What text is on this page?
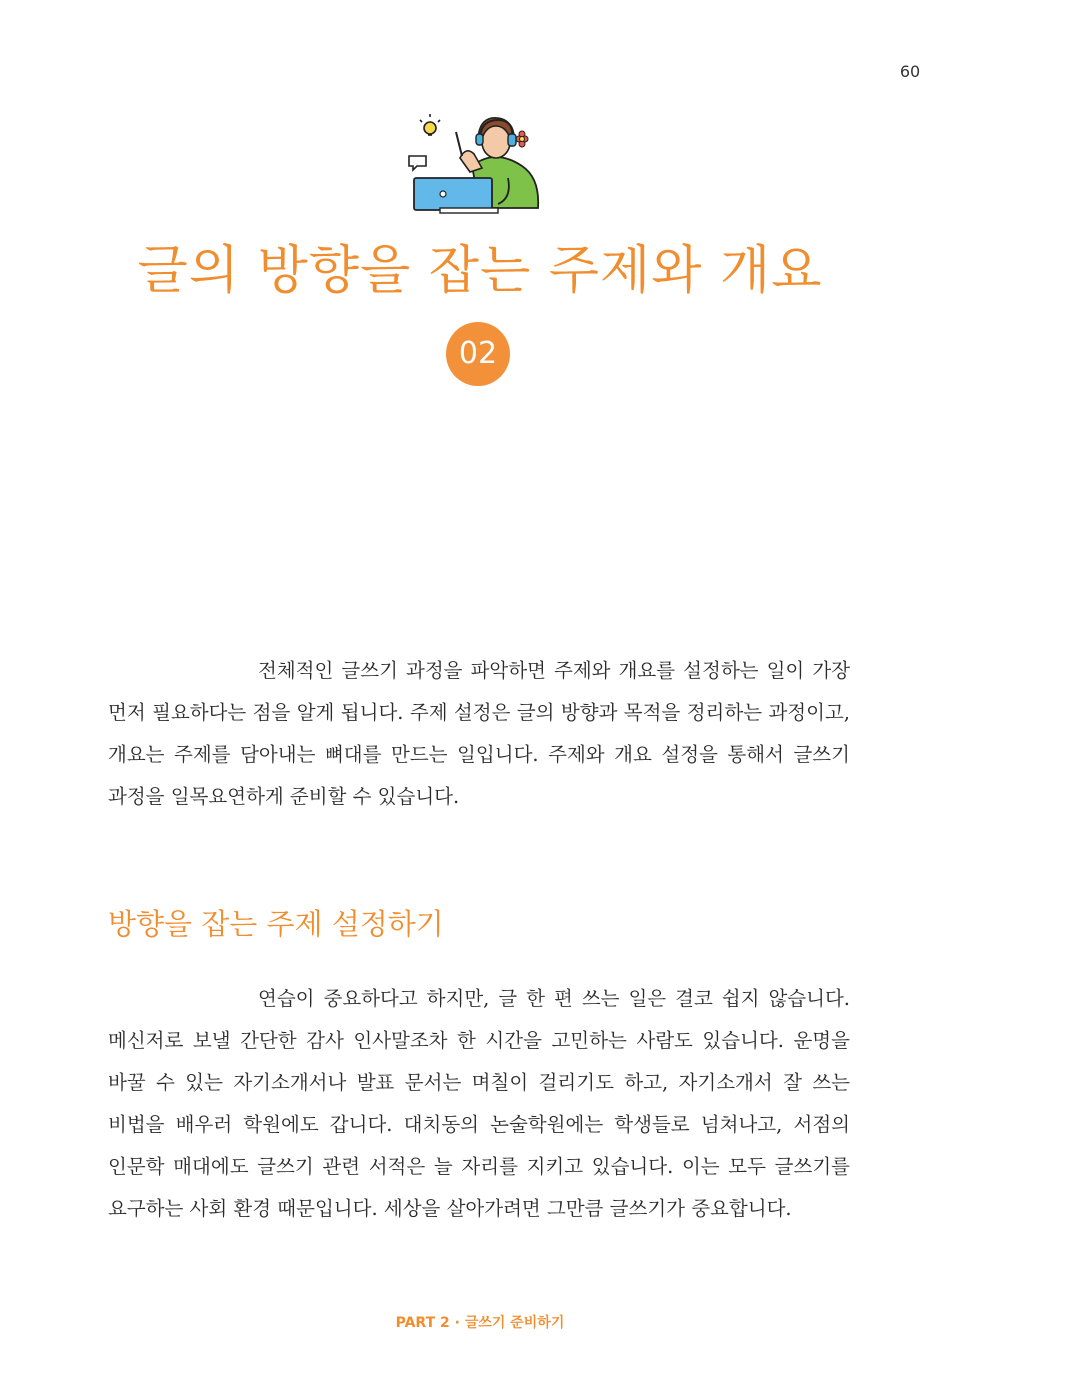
60
글의 방향을 잡는 주제와 개요
02

전체적인 글쓰기 과정을 파악하면 주제와 개요를 설정하는 일이 가장 먼저 필요하다는 점을 알게 됩니다. 주제 설정은 글의 방향과 목적을 정리하는 과정이고, 개요는 주제를 담아내는 뼈대를 만드는 일입니다. 주제와 개요 설정을 통해서 글쓰기 과정을 일목요연하게 준비할 수 있습니다.

방향을 잡는 주제 설정하기

연습이 중요하다고 하지만, 글 한 편 쓰는 일은 결코 쉽지 않습니다. 메신저로 보낼 간단한 감사 인사말조차 한 시간을 고민하는 사람도 있습니다. 운명을 바꿀 수 있는 자기소개서나 발표 문서는 며칠이 걸리기도 하고, 자기소개서 잘 쓰는 비법을 배우러 학원에도 갑니다. 대치동의 논술학원에는 학생들로 넘쳐나고, 서점의 인문학 매대에도 글쓰기 관련 서적은 늘 자리를 지키고 있습니다. 이는 모두 글쓰기를 요구하는 사회 환경 때문입니다. 세상을 살아가려면 그만큼 글쓰기가 중요합니다.

PART 2 · 글쓰기 준비하기
